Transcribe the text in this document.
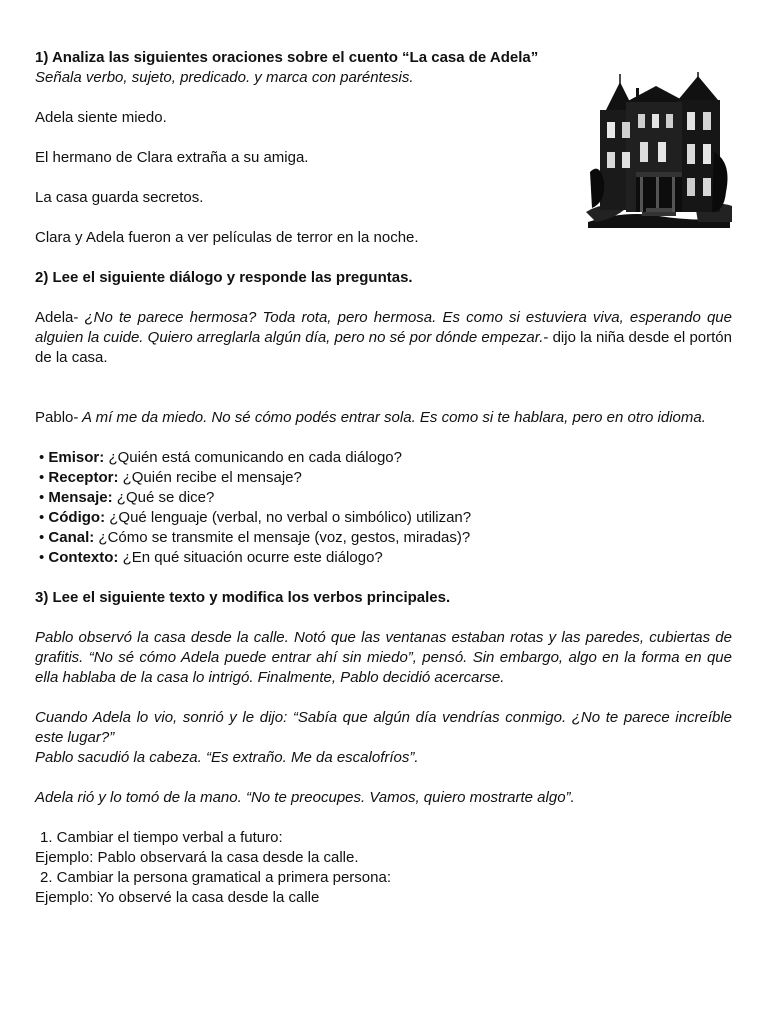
1) Analiza las siguientes oraciones sobre el cuento “La casa de Adela”

Señala verbo, sujeto, predicado. y marca con paréntesis.

Adela siente miedo.

El hermano de Clara extraña a su amiga.

La casa guarda secretos.

Clara y Adela fueron a ver películas de terror en la noche.

2) Lee el siguiente diálogo y responde las preguntas.

Adela- ¿No te parece hermosa? Toda rota, pero hermosa. Es como si estuviera viva, esperando que alguien la cuide. Quiero arreglarla algún día, pero no sé por dónde empezar.- dijo la niña desde el portón de la casa.

Pablo- A mí me da miedo. No sé cómo podés entrar sola. Es como si te hablara, pero en otro idioma.

• Emisor: ¿Quién está comunicando en cada diálogo?
• Receptor: ¿Quién recibe el mensaje?
• Mensaje: ¿Qué se dice?
• Código: ¿Qué lenguaje (verbal, no verbal o simbólico) utilizan?
• Canal: ¿Cómo se transmite el mensaje (voz, gestos, miradas)?
• Contexto: ¿En qué situación ocurre este diálogo?

3) Lee el siguiente texto y modifica los verbos principales.

Pablo observó la casa desde la calle. Notó que las ventanas estaban rotas y las paredes, cubiertas de grafitis. “No sé cómo Adela puede entrar ahí sin miedo”, pensó. Sin embargo, algo en la forma en que ella hablaba de la casa lo intrigó. Finalmente, Pablo decidió acercarse.

Cuando Adela lo vio, sonrió y le dijo: “Sabía que algún día vendrías conmigo. ¿No te parece increíble este lugar?”

Pablo sacudió la cabeza. “Es extraño. Me da escalofríos”.

Adela rió y lo tomó de la mano. “No te preocupes. Vamos, quiero mostrarte algo”.

1. Cambiar el tiempo verbal a futuro:

Ejemplo: Pablo observará la casa desde la calle.

2. Cambiar la persona gramatical a primera persona:

Ejemplo: Yo observé la casa desde la calle
